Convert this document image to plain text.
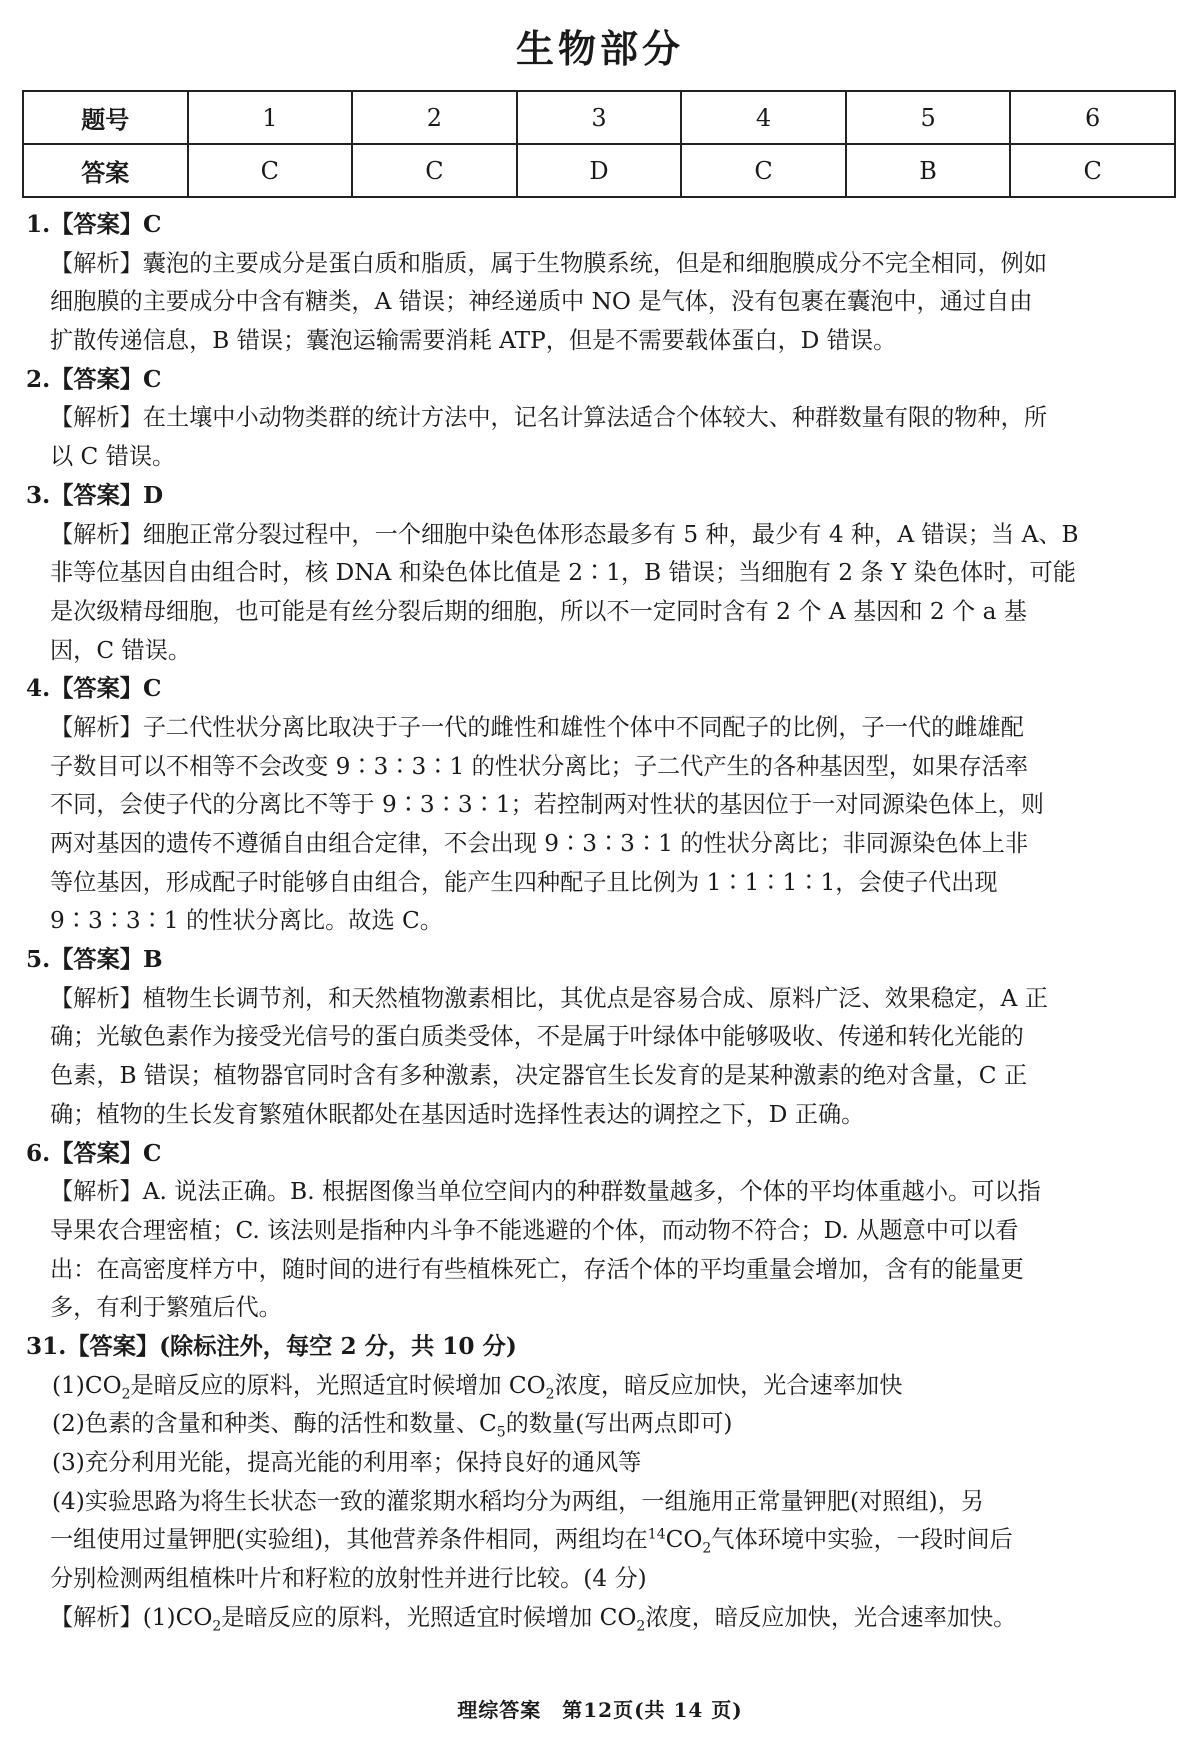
生物部分
题号	1	2	3	4	5	6
答案	C	C	D	C	B	C
1.【答案】C
【解析】囊泡的主要成分是蛋白质和脂质，属于生物膜系统，但是和细胞膜成分不完全相同，例如
细胞膜的主要成分中含有糖类，A 错误；神经递质中 NO 是气体，没有包裹在囊泡中，通过自由
扩散传递信息，B 错误；囊泡运输需要消耗 ATP，但是不需要载体蛋白，D 错误。
2.【答案】C
【解析】在土壤中小动物类群的统计方法中，记名计算法适合个体较大、种群数量有限的物种，所
以 C 错误。
3.【答案】D
【解析】细胞正常分裂过程中，一个细胞中染色体形态最多有 5 种，最少有 4 种，A 错误；当 A、B
非等位基因自由组合时，核 DNA 和染色体比值是 2∶1，B 错误；当细胞有 2 条 Y 染色体时，可能
是次级精母细胞，也可能是有丝分裂后期的细胞，所以不一定同时含有 2 个 A 基因和 2 个 a 基
因，C 错误。
4.【答案】C
【解析】子二代性状分离比取决于子一代的雌性和雄性个体中不同配子的比例，子一代的雌雄配
子数目可以不相等不会改变 9∶3∶3∶1 的性状分离比；子二代产生的各种基因型，如果存活率
不同，会使子代的分离比不等于 9∶3∶3∶1；若控制两对性状的基因位于一对同源染色体上，则
两对基因的遗传不遵循自由组合定律，不会出现 9∶3∶3∶1 的性状分离比；非同源染色体上非
等位基因，形成配子时能够自由组合，能产生四种配子且比例为 1∶1∶1∶1，会使子代出现
9∶3∶3∶1 的性状分离比。故选 C。
5.【答案】B
【解析】植物生长调节剂，和天然植物激素相比，其优点是容易合成、原料广泛、效果稳定，A 正
确；光敏色素作为接受光信号的蛋白质类受体，不是属于叶绿体中能够吸收、传递和转化光能的
色素，B 错误；植物器官同时含有多种激素，决定器官生长发育的是某种激素的绝对含量，C 正
确；植物的生长发育繁殖休眠都处在基因适时选择性表达的调控之下，D 正确。
6.【答案】C
【解析】A. 说法正确。B. 根据图像当单位空间内的种群数量越多，个体的平均体重越小。可以指
导果农合理密植；C. 该法则是指种内斗争不能逃避的个体，而动物不符合；D. 从题意中可以看
出：在高密度样方中，随时间的进行有些植株死亡，存活个体的平均重量会增加，含有的能量更
多，有利于繁殖后代。
31.【答案】(除标注外，每空 2 分，共 10 分)
$(1)CO_2$是暗反应的原料，光照适宜时候增加 $CO_2$浓度，暗反应加快，光合速率加快
(2)色素的含量和种类、酶的活性和数量、$C_5$的数量(写出两点即可)
(3)充分利用光能，提高光能的利用率；保持良好的通风等
(4)实验思路为将生长状态一致的灌浆期水稻均分为两组，一组施用正常量钾肥(对照组)，另
一组使用过量钾肥(实验组)，其他营养条件相同，两组均在$^{14}CO_2$气体环境中实验，一段时间后
分别检测两组植株叶片和籽粒的放射性并进行比较。(4 分)
【解析】$(1)CO_2$是暗反应的原料，光照适宜时候增加 $CO_2$浓度，暗反应加快，光合速率加快。
理综答案　第12页(共 14 页)
